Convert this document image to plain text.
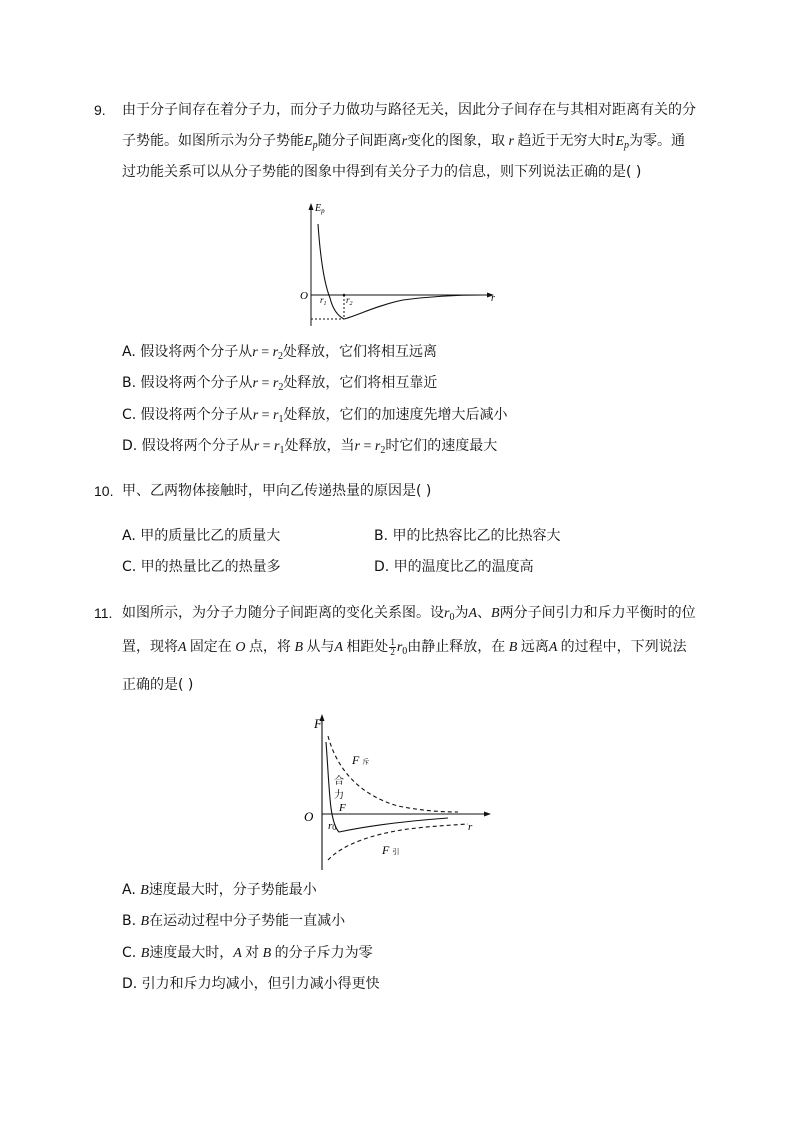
9. 由于分子间存在着分子力，而分子力做功与路径无关，因此分子间存在与其相对距离有关的分
子势能。如图所示为分子势能$E_p$随分子间距离r变化的图象，取 r 趋近于无穷大时$E_p$为零。通
过功能关系可以从分子势能的图象中得到有关分子力的信息，则下列说法正确的是( )
$E_p$
O $r_1$ $r_2$	r
A. 假设将两个分子从$r = r_2$处释放，它们将相互远离
B. 假设将两个分子从$r = r_2$处释放，它们将相互靠近
C. 假设将两个分子从$r = r_1$处释放，它们的加速度先增大后减小
D. 假设将两个分子从$r = r_1$处释放，当$r = r_2$时它们的速度最大
10. 甲、乙两物体接触时，甲向乙传递热量的原因是( )
A. 甲的质量比乙的质量大	B. 甲的比热容比乙的比热容大
C. 甲的热量比乙的热量多	D. 甲的温度比乙的温度高
11. 如图所示，为分子力随分子间距离的变化关系图。设$r_0$为A、B两分子间引力和斥力平衡时的位
置，现将A 固定在 O 点，将 B 从与A 相距处 $\frac{1}{2} r_0$由静止释放，在 B 远离A 的过程中，下列说法
正确的是( )
F
F 斥
合
力
F
O
r0	r
F 引
A. B速度最大时，分子势能最小
B. B在运动过程中分子势能一直减小
C. B速度最大时，A 对 B 的分子斥力为零
D. 引力和斥力均减小，但引力减小得更快
